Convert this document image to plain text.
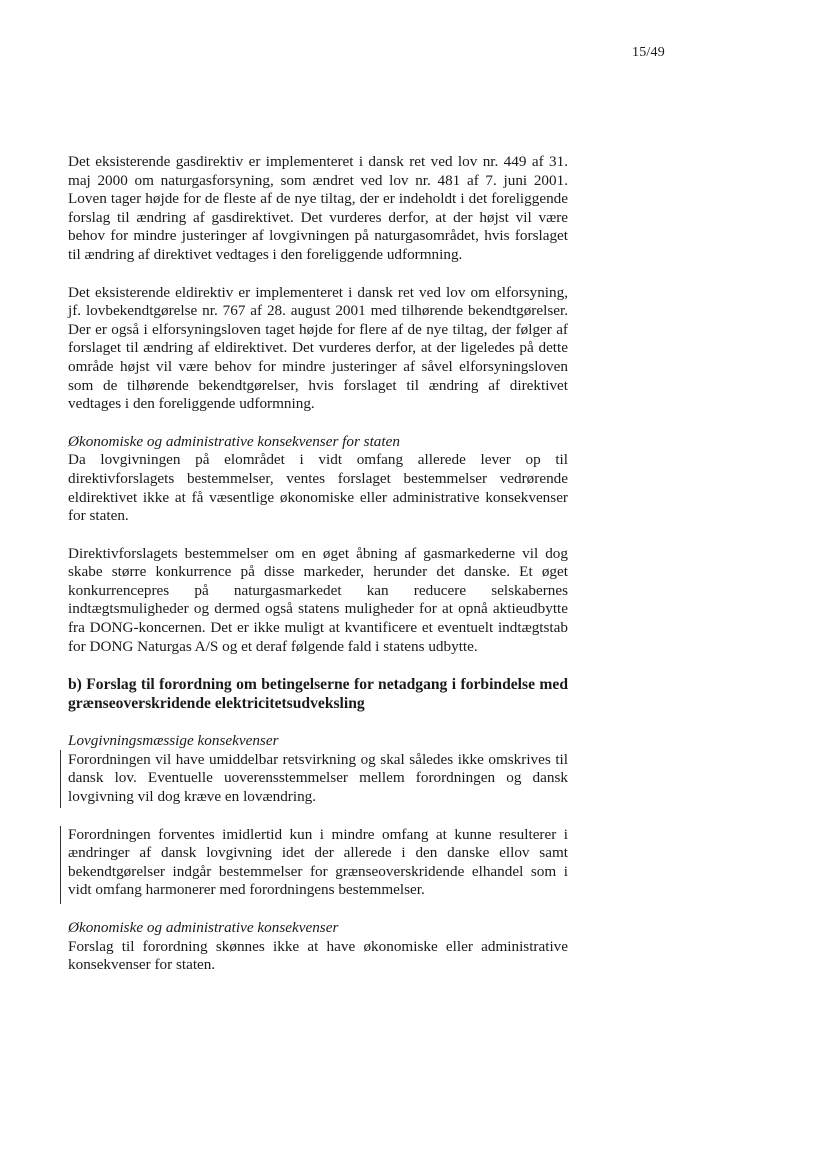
15/49

Det eksisterende gasdirektiv er implementeret i dansk ret ved lov nr. 449 af 31. maj 2000 om naturgasforsyning, som ændret ved lov nr. 481 af 7. juni 2001. Loven tager højde for de fleste af de nye tiltag, der er indeholdt i det foreliggende forslag til ændring af gasdirektivet. Det vurderes derfor, at der højst vil være behov for mindre justeringer af lovgivningen på naturgasområdet, hvis forslaget til ændring af direktivet vedtages i den foreliggende udformning.

Det eksisterende eldirektiv er implementeret i dansk ret ved lov om elforsyning, jf. lovbekendtgørelse nr. 767 af 28. august 2001 med tilhørende bekendtgørelser. Der er også i elforsyningsloven taget højde for flere af de nye tiltag, der følger af forslaget til ændring af eldirektivet. Det vurderes derfor, at der ligeledes på dette område højst vil være behov for mindre justeringer af såvel elforsyningsloven som de tilhørende bekendtgørelser, hvis forslaget til ændring af direktivet vedtages i den foreliggende udformning.

Økonomiske og administrative konsekvenser for staten

Da lovgivningen på elområdet i vidt omfang allerede lever op til direktivforslagets bestemmelser, ventes forslaget bestemmelser vedrørende eldirektivet ikke at få væsentlige økonomiske eller administrative konsekvenser for staten.

Direktivforslagets bestemmelser om en øget åbning af gasmarkederne vil dog skabe større konkurrence på disse markeder, herunder det danske. Et øget konkurrencepres på naturgasmarkedet kan reducere selskabernes indtægtsmuligheder og dermed også statens muligheder for at opnå aktieudbytte fra DONG-koncernen. Det er ikke muligt at kvantificere et eventuelt indtægtstab for DONG Naturgas A/S og et deraf følgende fald i statens udbytte.

b) Forslag til forordning om betingelserne for netadgang i forbindelse med grænseoverskridende elektricitetsudveksling

Lovgivningsmæssige konsekvenser

Forordningen vil have umiddelbar retsvirkning og skal således ikke omskrives til dansk lov. Eventuelle uoverensstemmelser mellem forordningen og dansk lovgivning vil dog kræve en lovændring.

Forordningen forventes imidlertid kun i mindre omfang at kunne resulterer i ændringer af dansk lovgivning idet der allerede i den danske ellov samt bekendtgørelser indgår bestemmelser for grænseoverskridende elhandel som i vidt omfang harmonerer med forordningens bestemmelser.

Økonomiske og administrative konsekvenser

Forslag til forordning skønnes ikke at have økonomiske eller administrative konsekvenser for staten.
